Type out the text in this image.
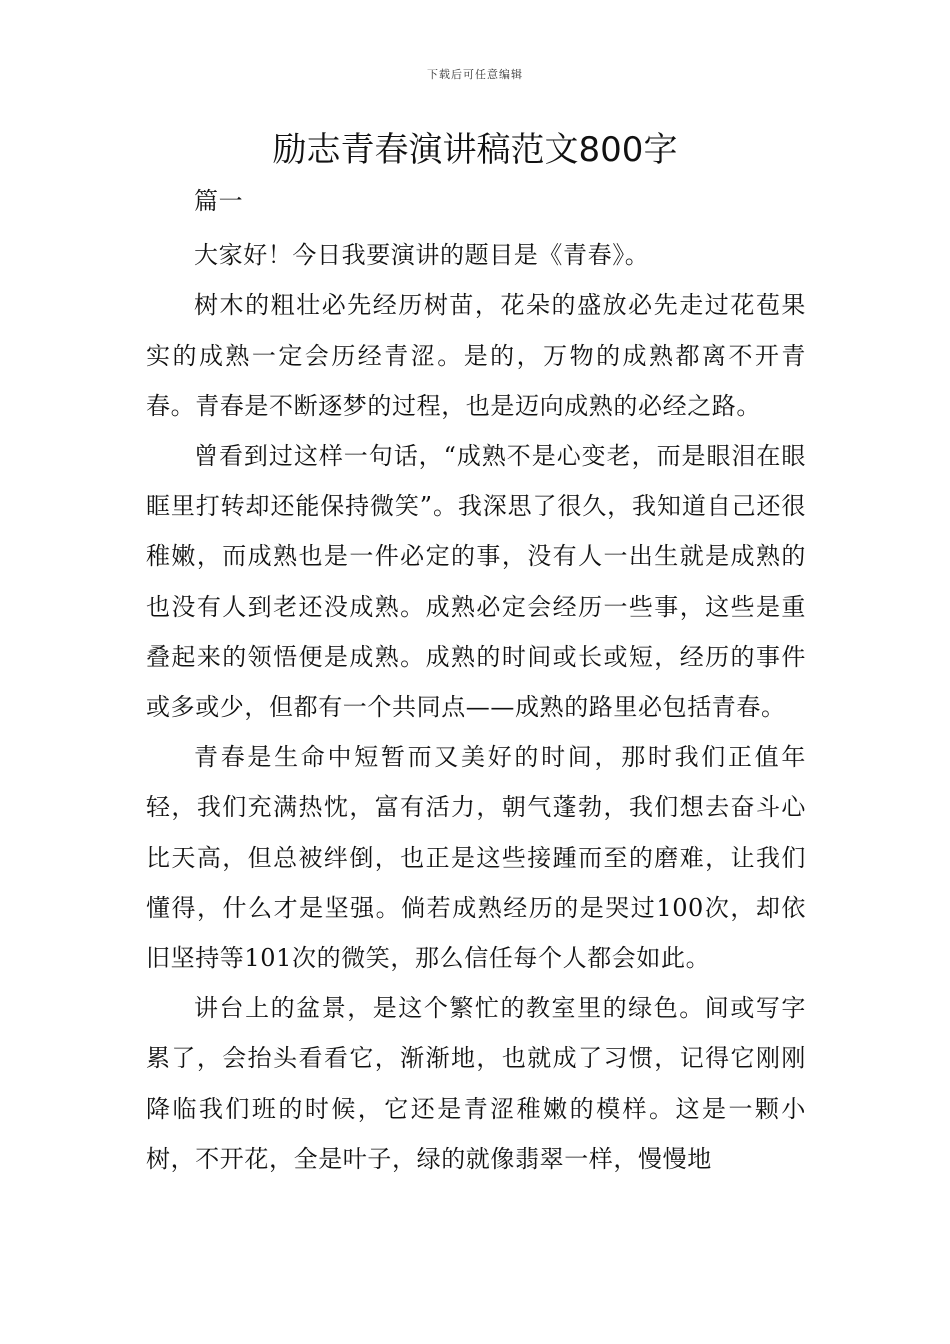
下载后可任意编辑
励志青春演讲稿范文800字

篇一

大家好！今日我要演讲的题目是《青春》。

树木的粗壮必先经历树苗，花朵的盛放必先走过花苞果实的成熟一定会历经青涩。是的，万物的成熟都离不开青春。青春是不断逐梦的过程，也是迈向成熟的必经之路。

曾看到过这样一句话，“成熟不是心变老，而是眼泪在眼眶里打转却还能保持微笑”。我深思了很久，我知道自己还很稚嫩，而成熟也是一件必定的事，没有人一出生就是成熟的也没有人到老还没成熟。成熟必定会经历一些事，这些是重叠起来的领悟便是成熟。成熟的时间或长或短，经历的事件或多或少，但都有一个共同点——成熟的路里必包括青春。

青春是生命中短暂而又美好的时间，那时我们正值年轻，我们充满热忱，富有活力，朝气蓬勃，我们想去奋斗心比天高，但总被绊倒，也正是这些接踵而至的磨难，让我们懂得，什么才是坚强。倘若成熟经历的是哭过100次，却依旧坚持等101次的微笑，那么信任每个人都会如此。

讲台上的盆景，是这个繁忙的教室里的绿色。间或写字累了，会抬头看看它，渐渐地，也就成了习惯，记得它刚刚降临我们班的时候，它还是青涩稚嫩的模样。这是一颗小树，不开花，全是叶子，绿的就像翡翠一样，慢慢地
